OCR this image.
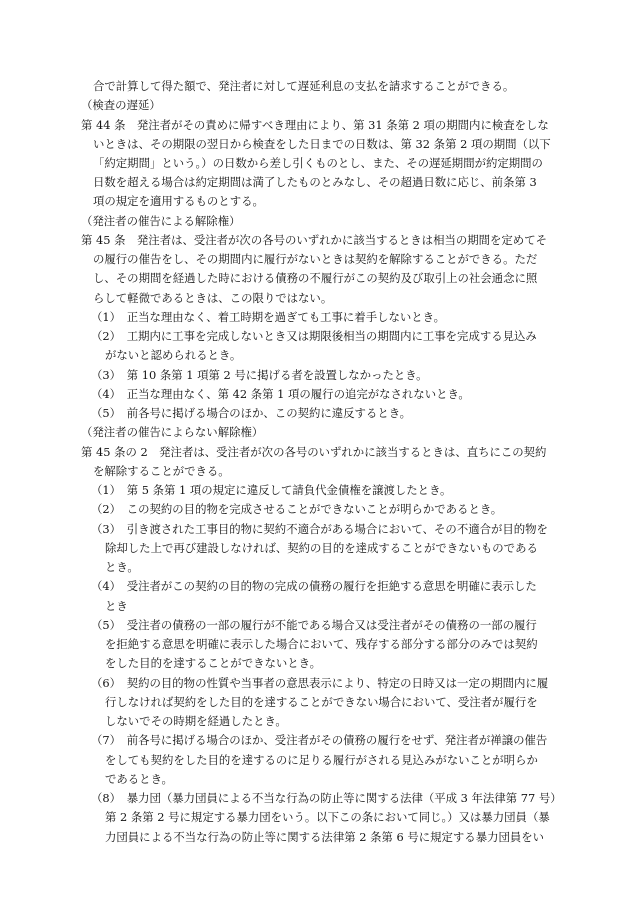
合で計算して得た額で、発注者に対して遅延利息の支払を請求することができる。
（検査の遅延）
第 44 条　発注者がその責めに帰すべき理由により、第 31 条第 2 項の期間内に検査をしな
いときは、その期限の翌日から検査をした日までの日数は、第 32 条第 2 項の期間（以下
「約定期間」という。）の日数から差し引くものとし、また、その遅延期間が約定期間の
日数を超える場合は約定期間は満了したものとみなし、その超過日数に応じ、前条第 3
項の規定を適用するものとする。
（発注者の催告による解除権）
第 45 条　発注者は、受注者が次の各号のいずれかに該当するときは相当の期間を定めてそ
の履行の催告をし、その期間内に履行がないときは契約を解除することができる。ただ
し、その期間を経過した時における債務の不履行がこの契約及び取引上の社会通念に照
らして軽微であるときは、この限りではない。
（1）　正当な理由なく、着工時期を過ぎても工事に着手しないとき。
（2）　工期内に工事を完成しないとき又は期限後相当の期間内に工事を完成する見込み
がないと認められるとき。
（3）　第 10 条第 1 項第 2 号に掲げる者を設置しなかったとき。
（4）　正当な理由なく、第 42 条第 1 項の履行の追完がなされないとき。
（5）　前各号に掲げる場合のほか、この契約に違反するとき。
（発注者の催告によらない解除権）
第 45 条の 2　発注者は、受注者が次の各号のいずれかに該当するときは、直ちにこの契約
を解除することができる。
（1）　第 5 条第 1 項の規定に違反して請負代金債権を譲渡したとき。
（2）　この契約の目的物を完成させることができないことが明らかであるとき。
（3）　引き渡された工事目的物に契約不適合がある場合において、その不適合が目的物を
除却した上で再び建設しなければ、契約の目的を達成することができないものである
とき。
（4）　受注者がこの契約の目的物の完成の債務の履行を拒絶する意思を明確に表示した
とき
（5）　受注者の債務の一部の履行が不能である場合又は受注者がその債務の一部の履行
を拒絶する意思を明確に表示した場合において、残存する部分する部分のみでは契約
をした目的を達することができないとき。
（6）　契約の目的物の性質や当事者の意思表示により、特定の日時又は一定の期間内に履
行しなければ契約をした目的を達することができない場合において、受注者が履行を
しないでその時期を経過したとき。
（7）　前各号に掲げる場合のほか、受注者がその債務の履行をせず、発注者が禅譲の催告
をしても契約をした目的を達するのに足りる履行がされる見込みがないことが明らか
であるとき。
（8）　暴力団（暴力団員による不当な行為の防止等に関する法律（平成 3 年法律第 77 号）
第 2 条第 2 号に規定する暴力団をいう。以下この条において同じ。）又は暴力団員（暴
力団員による不当な行為の防止等に関する法律第 2 条第 6 号に規定する暴力団員をい
